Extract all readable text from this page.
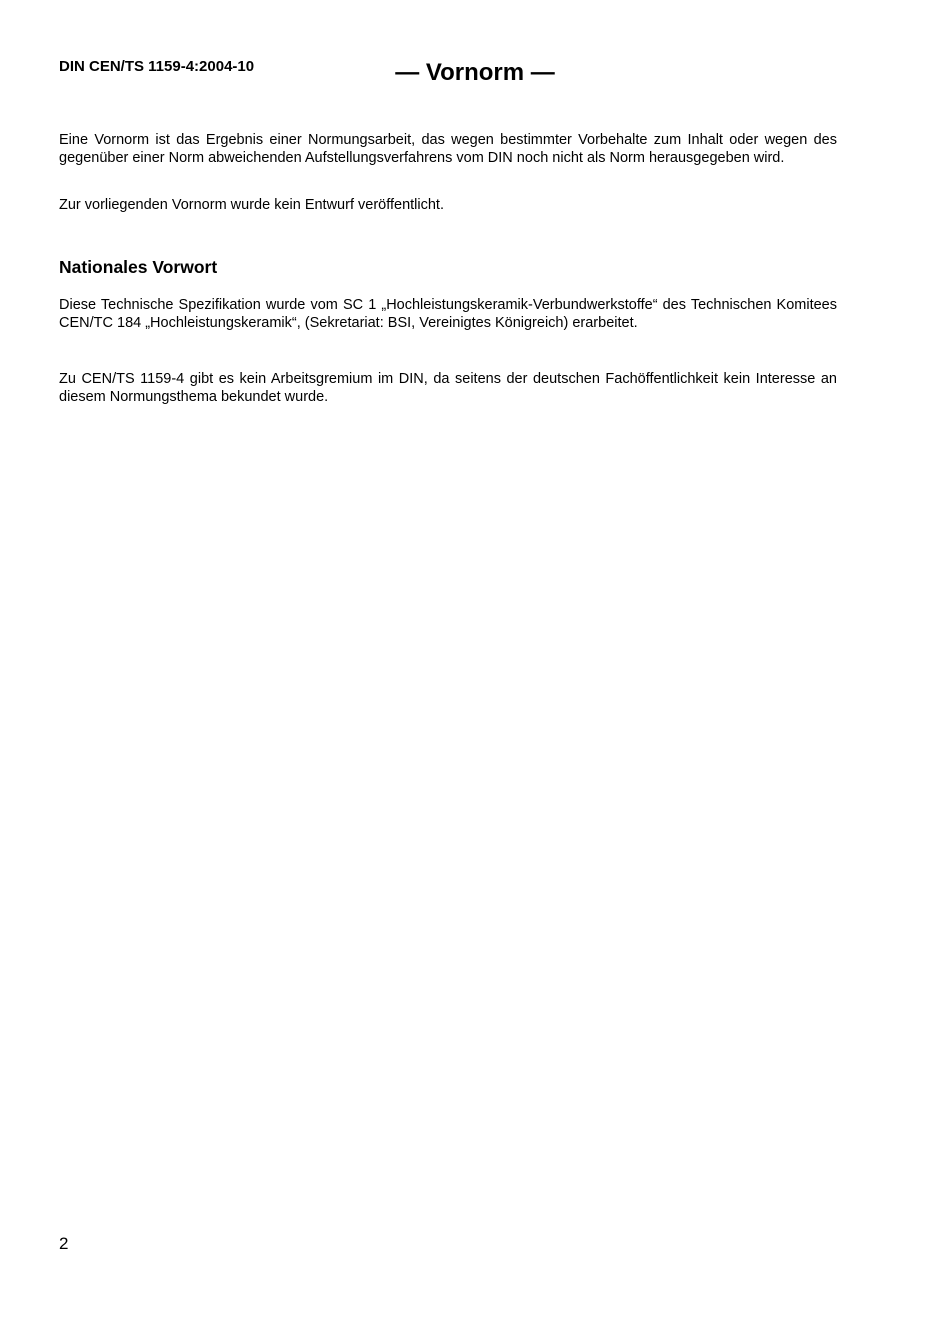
DIN CEN/TS 1159-4:2004-10	— Vornorm —

Eine Vornorm ist das Ergebnis einer Normungsarbeit, das wegen bestimmter Vorbehalte zum Inhalt oder wegen des gegenüber einer Norm abweichenden Aufstellungsverfahrens vom DIN noch nicht als Norm herausgegeben wird.

Zur vorliegenden Vornorm wurde kein Entwurf veröffentlicht.

Nationales Vorwort

Diese Technische Spezifikation wurde vom SC 1 „Hochleistungskeramik-Verbundwerkstoffe“ des Technischen Komitees CEN/TC 184 „Hochleistungskeramik“, (Sekretariat: BSI, Vereinigtes Königreich) erarbeitet.

Zu CEN/TS 1159-4 gibt es kein Arbeitsgremium im DIN, da seitens der deutschen Fachöffentlichkeit kein Interesse an diesem Normungsthema bekundet wurde.

2
